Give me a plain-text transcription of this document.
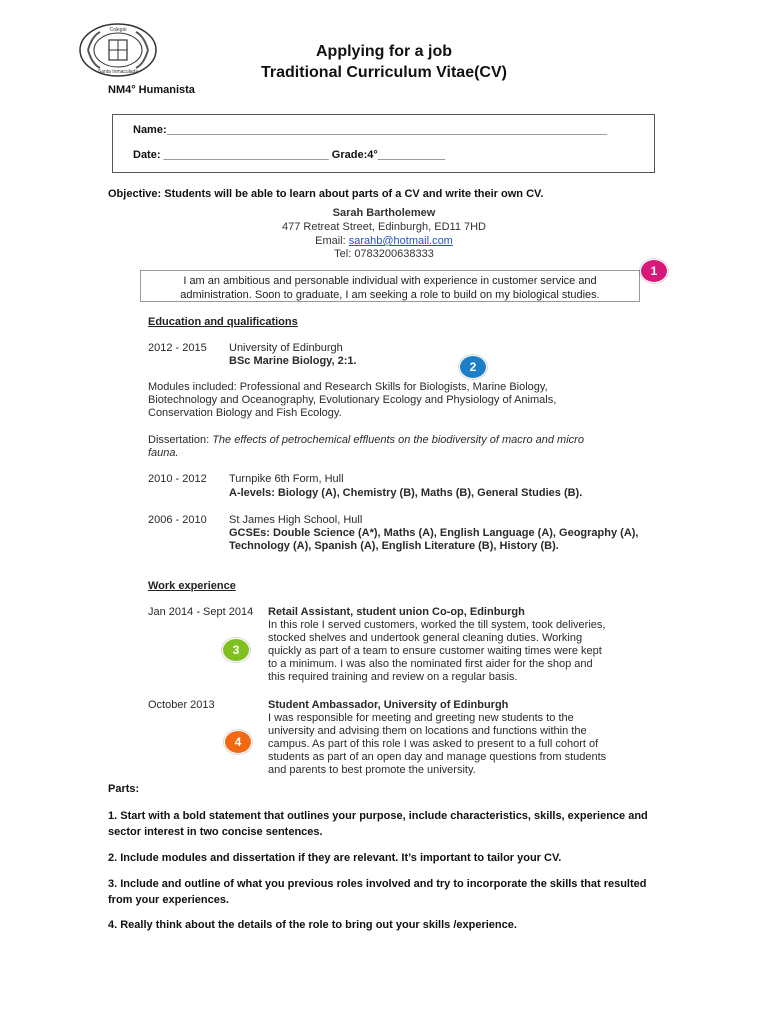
Colegio
Santa Inmaculada
Applying for a job
Traditional Curriculum Vitae(CV)
NM4° Humanista
Name:________________________________________________________________________
Date: ___________________________ Grade:4°___________
Objective: Students will be able to learn about parts of a CV and write their own CV.
Sarah Bartholemew
477 Retreat Street, Edinburgh, ED11 7HD
Email: sarahb@hotmail.com
Tel: 0783200638333
I am an ambitious and personable individual with experience in customer service and
administration. Soon to graduate, I am seeking a role to build on my biological studies.
1
2
3
4
Education and qualifications
2012 - 2015 University of Edinburgh
BSc Marine Biology, 2:1.
Modules included: Professional and Research Skills for Biologists, Marine Biology,
Biotechnology and Oceanography, Evolutionary Ecology and Physiology of Animals,
Conservation Biology and Fish Ecology.
Dissertation: The effects of petrochemical effluents on the biodiversity of macro and micro
fauna.
2010 - 2012 Turnpike 6th Form, Hull
A-levels: Biology (A), Chemistry (B), Maths (B), General Studies (B).
2006 - 2010 St James High School, Hull
GCSEs: Double Science (A*), Maths (A), English Language (A), Geography (A),
Technology (A), Spanish (A), English Literature (B), History (B).
Work experience
Jan 2014 - Sept 2014 Retail Assistant, student union Co-op, Edinburgh
In this role I served customers, worked the till system, took deliveries,
stocked shelves and undertook general cleaning duties. Working
quickly as part of a team to ensure customer waiting times were kept
to a minimum. I was also the nominated first aider for the shop and
this required training and review on a regular basis.
October 2013	Student Ambassador, University of Edinburgh
I was responsible for meeting and greeting new students to the
university and advising them on locations and functions within the
campus. As part of this role I was asked to present to a full cohort of
students as part of an open day and manage questions from students
and parents to best promote the university.
Parts:
1. Start with a bold statement that outlines your purpose, include characteristics, skills, experience and sector interest in two concise sentences.
2. Include modules and dissertation if they are relevant. It’s important to tailor your CV.
3. Include and outline of what you previous roles involved and try to incorporate the skills that resulted from your experiences.
4. Really think about the details of the role to bring out your skills /experience.
